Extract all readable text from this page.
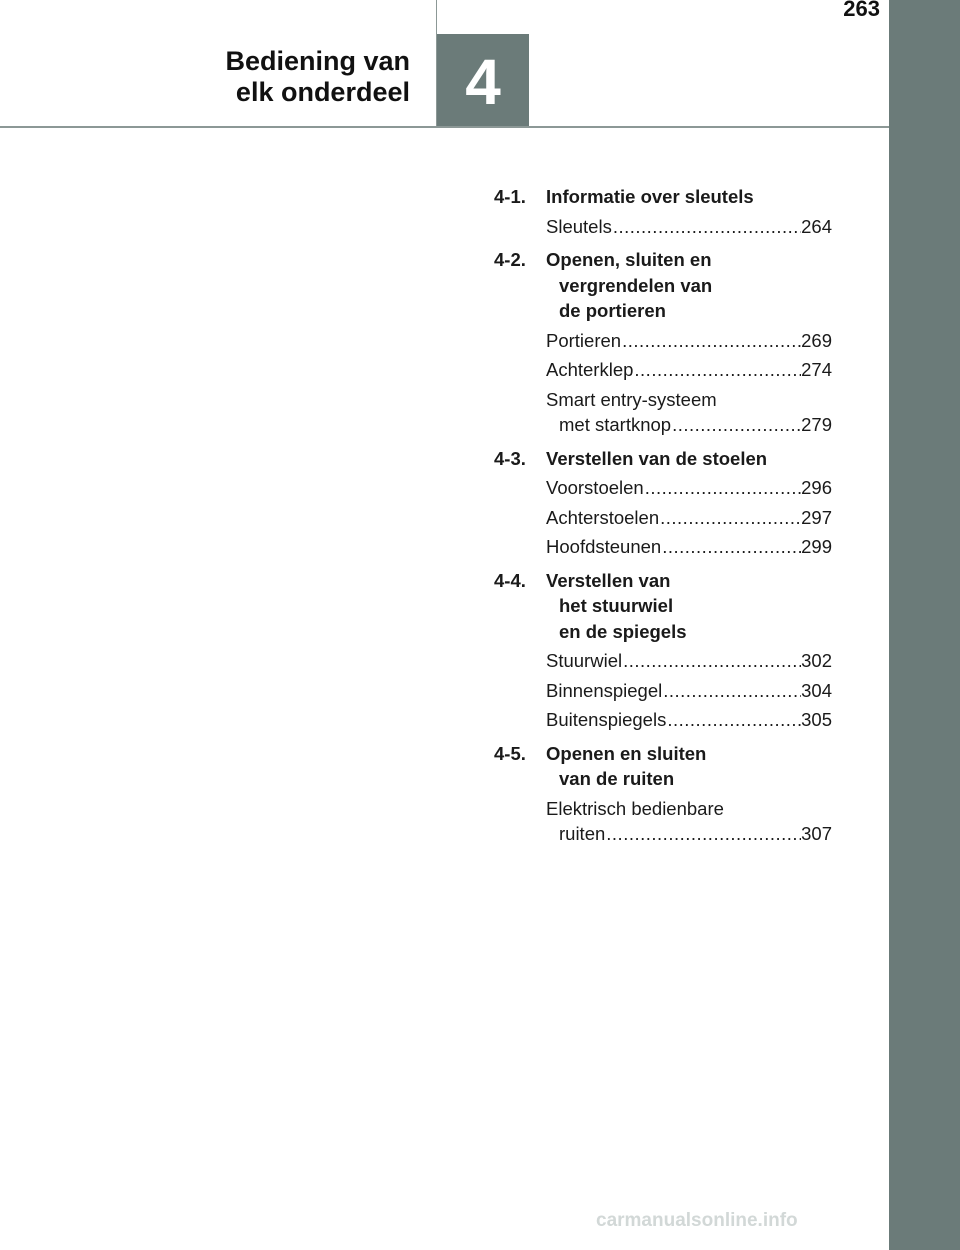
263
4
Bediening van
elk onderdeel
4-1. Informatie over sleutels
Sleutels .....	264
4-2. Openen, sluiten en
vergrendelen van
de portieren
Portieren .....	269
Achterklep .....	274
Smart entry-systeem
met startknop .....	279
4-3. Verstellen van de stoelen
Voorstoelen .....	296
Achterstoelen .....	297
Hoofdsteunen .....	299
4-4. Verstellen van
het stuurwiel
en de spiegels
Stuurwiel .....	302
Binnenspiegel .....	304
Buitenspiegels .....	305
4-5. Openen en sluiten
van de ruiten
Elektrisch bedienbare
ruiten .....	307
carmanualsonline.info
